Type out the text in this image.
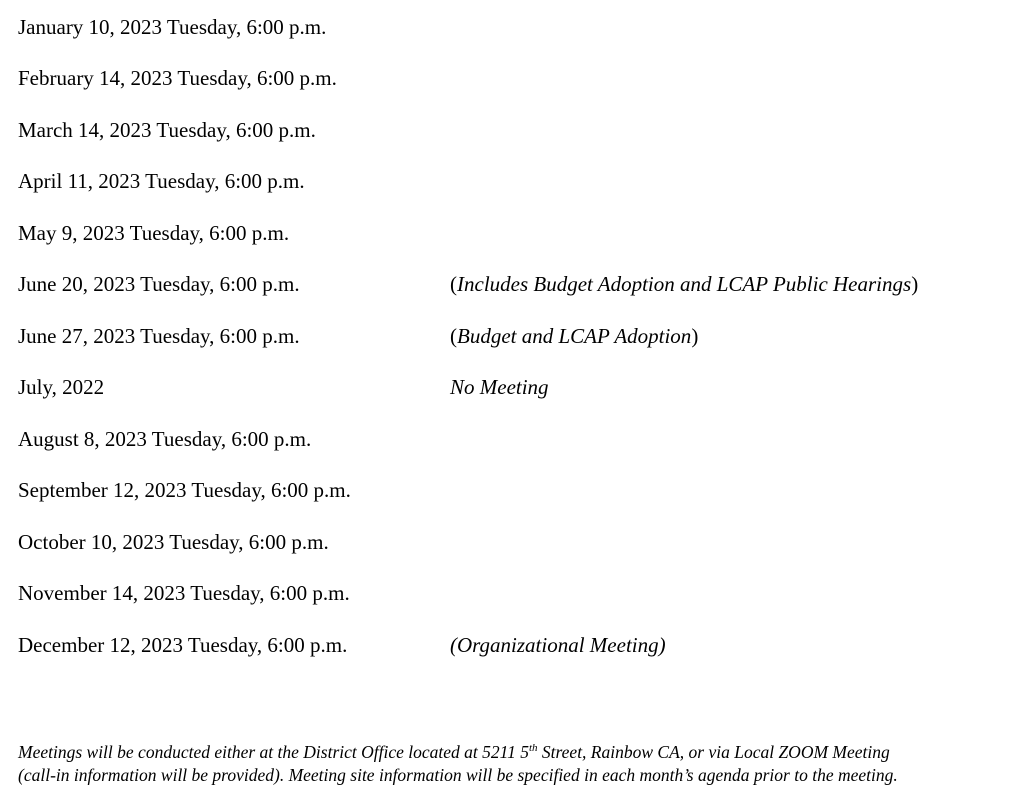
January 10, 2023 Tuesday, 6:00 p.m.
February 14, 2023 Tuesday, 6:00 p.m.
March 14, 2023 Tuesday, 6:00 p.m.
April 11, 2023 Tuesday, 6:00 p.m.
May 9, 2023 Tuesday, 6:00 p.m.
June 20, 2023 Tuesday, 6:00 p.m.	(Includes Budget Adoption and LCAP Public Hearings)
June 27, 2023 Tuesday, 6:00 p.m.	(Budget and LCAP Adoption)
July, 2022	No Meeting
August 8, 2023 Tuesday, 6:00 p.m.
September 12, 2023 Tuesday, 6:00 p.m.
October 10, 2023 Tuesday, 6:00 p.m.
November 14, 2023 Tuesday, 6:00 p.m.
December 12, 2023 Tuesday, 6:00 p.m.	(Organizational Meeting)
Meetings will be conducted either at the District Office located at 5211 5th Street, Rainbow CA, or via Local ZOOM Meeting
(call-in information will be provided). Meeting site information will be specified in each month’s agenda prior to the meeting.
